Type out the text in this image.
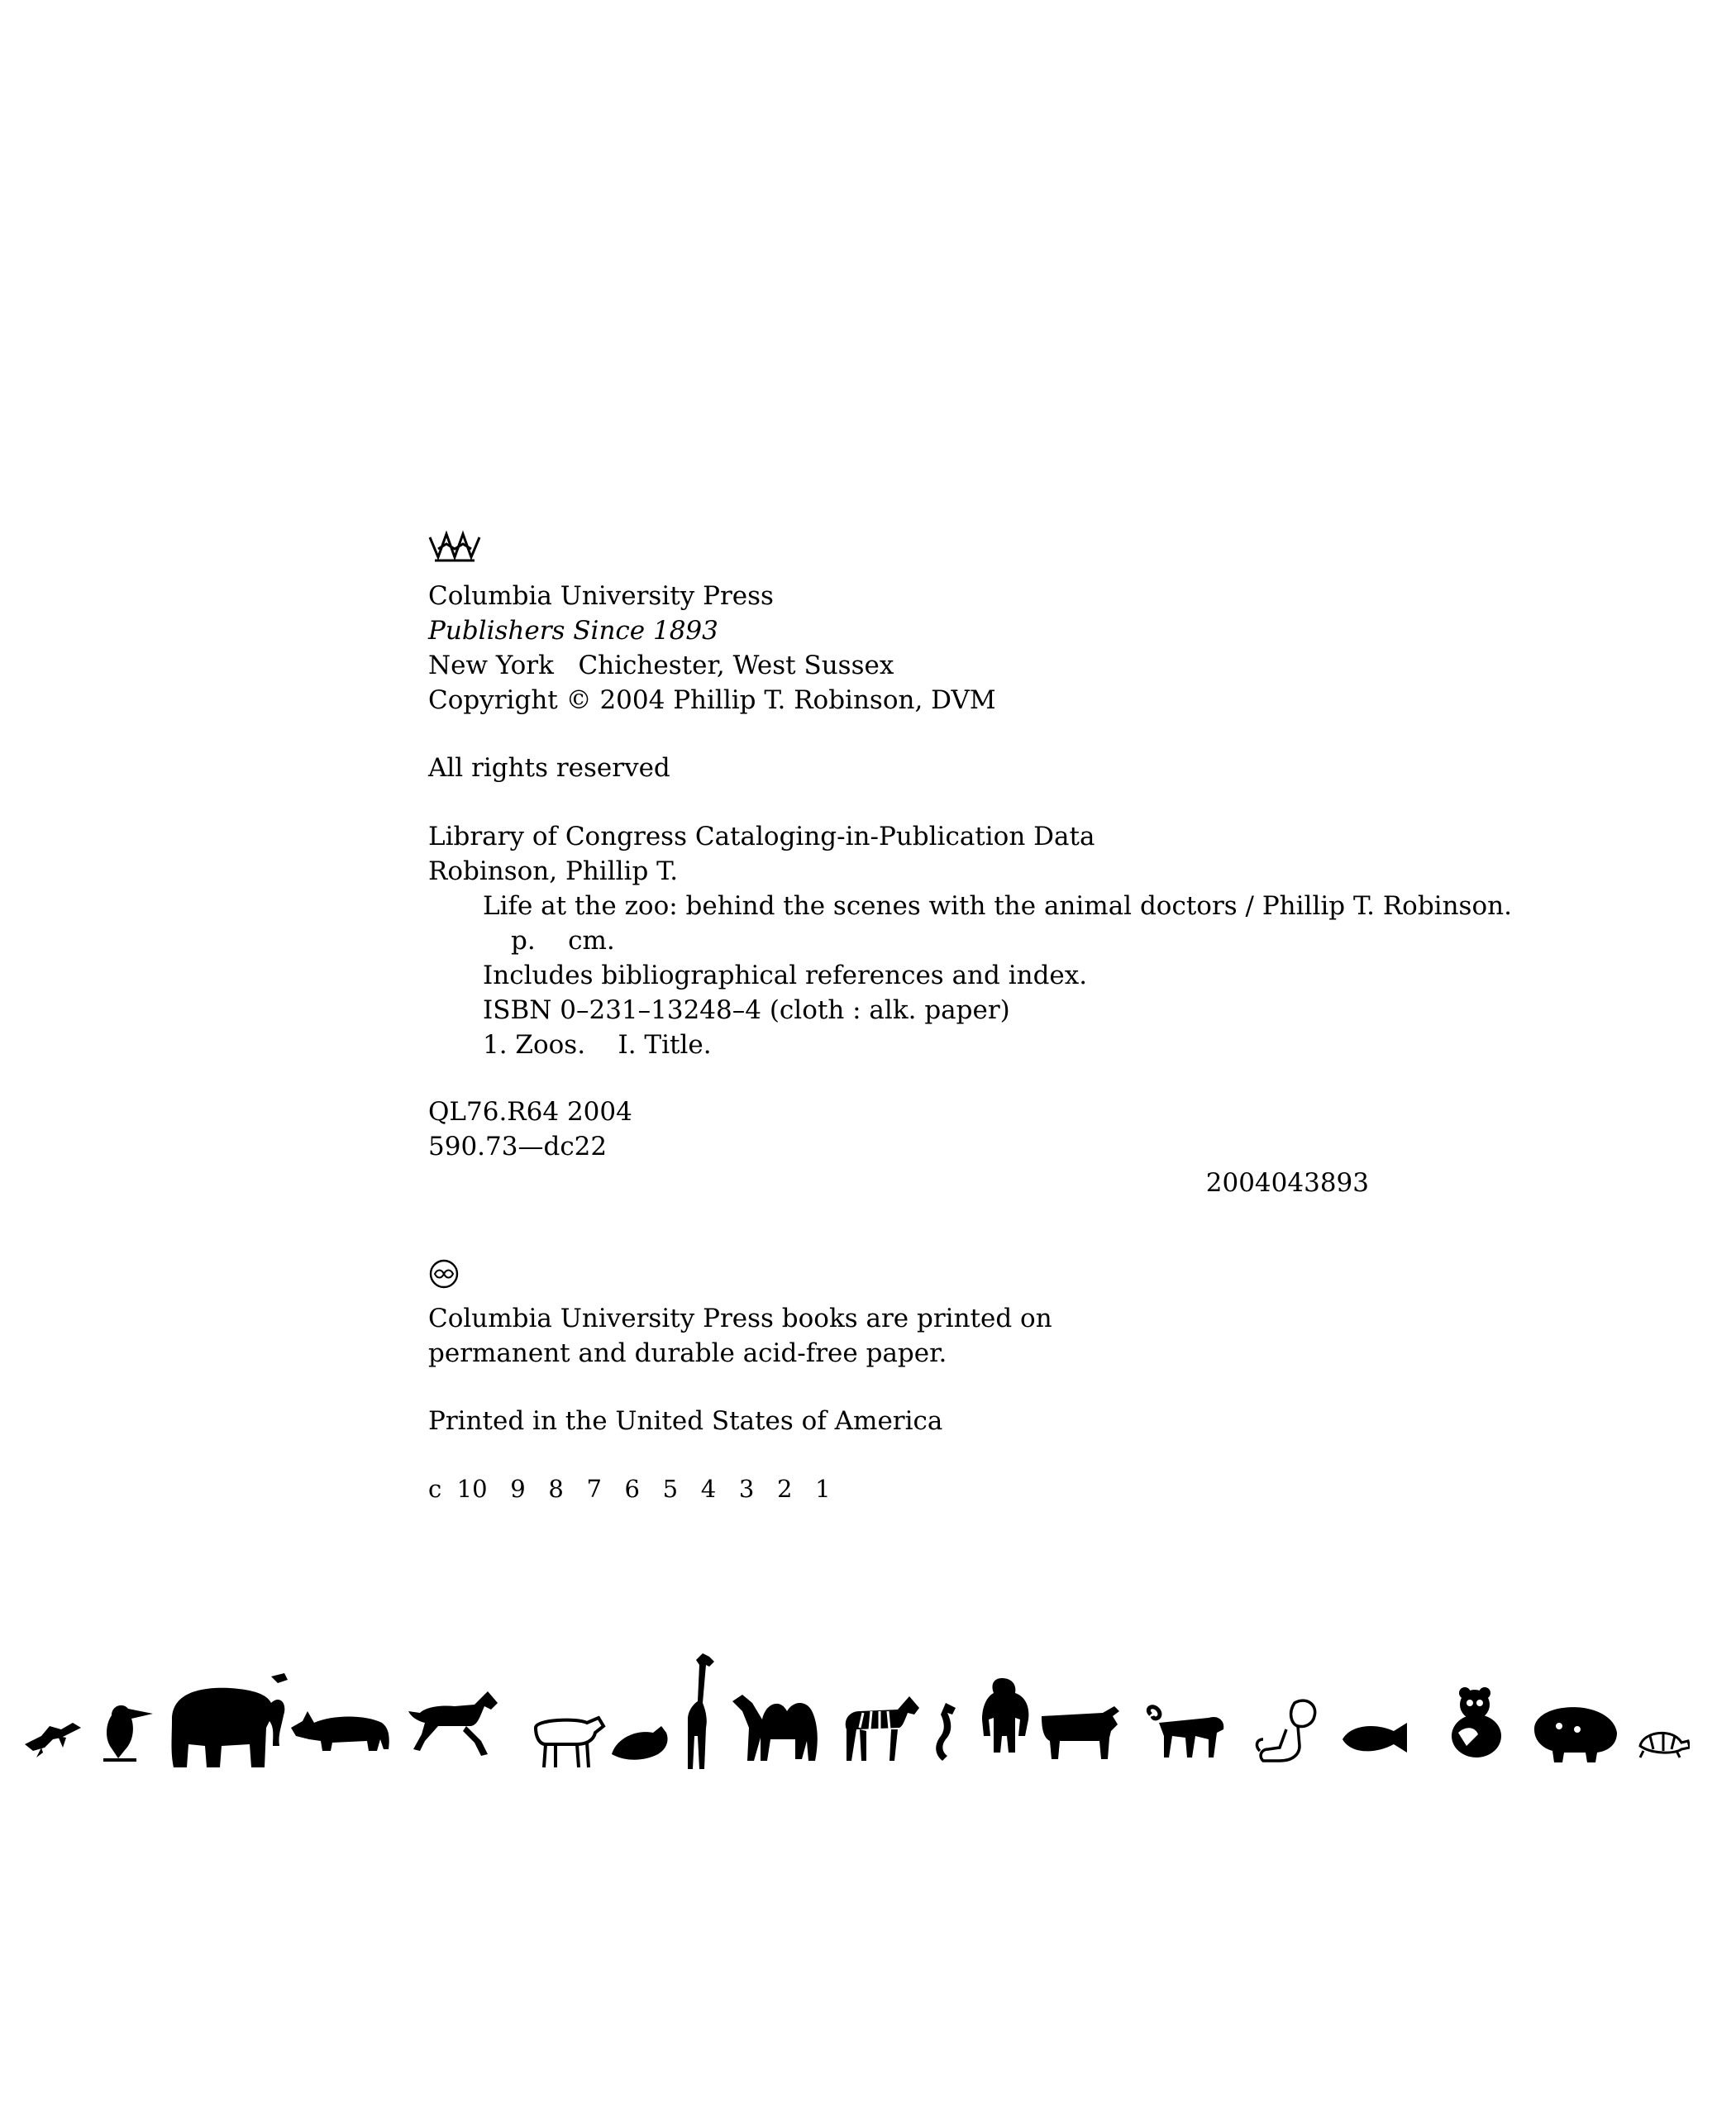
Columbia University Press

Publishers Since 1893

New York   Chichester, West Sussex

Copyright © 2004 Phillip T. Robinson, DVM

All rights reserved

Library of Congress Cataloging-in-Publication Data

Robinson, Phillip T.

Life at the zoo: behind the scenes with the animal doctors / Phillip T. Robinson.

p.    cm.

Includes bibliographical references and index.

ISBN 0–231–13248–4 (cloth : alk. paper)

1. Zoos.    I. Title.

QL76.R64 2004

590.73—dc22

2004043893

Columbia University Press books are printed on

permanent and durable acid-free paper.

Printed in the United States of America

c  10   9   8   7   6   5   4   3   2   1
